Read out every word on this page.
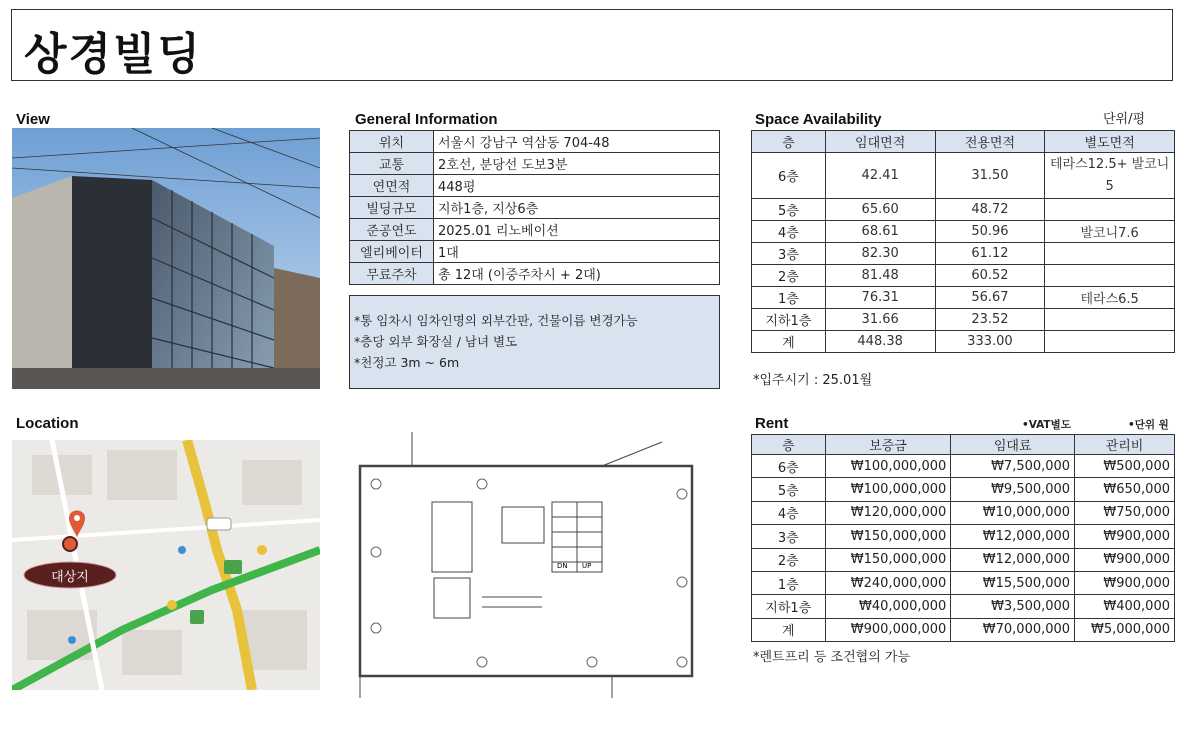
상경빌딩
View	General Information
위치	서울시 강남구 역삼동 704-48
교통	2호선, 분당선 도보3분
연면적	448평
빌딩규모	지하1층, 지상6층
준공연도	2025.01 리노베이션
엘리베이터	1대
무료주차	총 12대 (이중주차시 + 2대)
*통 임차시 임차인명의 외부간판, 건물이름 변경가능
*층당 외부 화장실 / 남녀 별도
*천정고 3m ~ 6m
Space Availability	단위/평
층	임대면적	전용면적	별도면적
6층	42.41	31.50	테라스12.5+ 발코니5
5층	65.60	48.72	
4층	68.61	50.96	발코니7.6
3층	82.30	61.12	
2층	81.48	60.52	
1층	76.31	56.67	테라스6.5
지하1층	31.66	23.52	
계	448.38	333.00	
*입주시기 : 25.01월
Location
대상지
DN UP
Rent	•VAT별도	•단위 원
층	보증금	임대료	관리비
6층	₩100,000,000	₩7,500,000	₩500,000
5층	₩100,000,000	₩9,500,000	₩650,000
4층	₩120,000,000	₩10,000,000	₩750,000
3층	₩150,000,000	₩12,000,000	₩900,000
2층	₩150,000,000	₩12,000,000	₩900,000
1층	₩240,000,000	₩15,500,000	₩900,000
지하1층	₩40,000,000	₩3,500,000	₩400,000
계	₩900,000,000	₩70,000,000	₩5,000,000
*렌트프리 등 조건협의 가능
